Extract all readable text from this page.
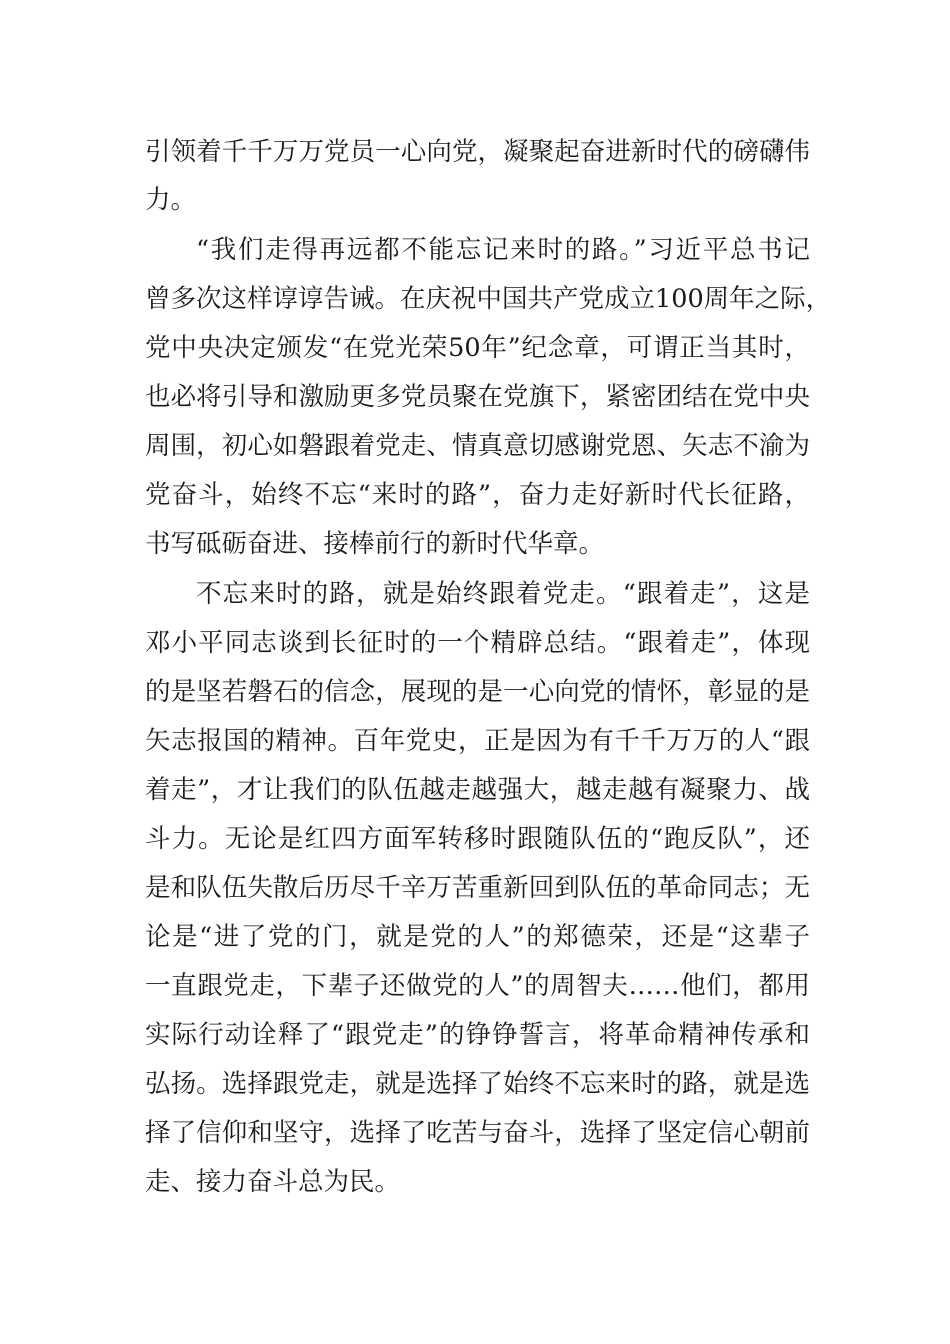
引领着千千万万党员一心向党，凝聚起奋进新时代的磅礴伟
力。
“我们走得再远都不能忘记来时的路。”习近平总书记
曾多次这样谆谆告诫。在庆祝中国共产党成立100周年之际，
党中央决定颁发“在党光荣50年”纪念章，可谓正当其时，
也必将引导和激励更多党员聚在党旗下，紧密团结在党中央
周围，初心如磐跟着党走、情真意切感谢党恩、矢志不渝为
党奋斗，始终不忘“来时的路”，奋力走好新时代长征路，
书写砥砺奋进、接棒前行的新时代华章。
不忘来时的路，就是始终跟着党走。“跟着走”，这是
邓小平同志谈到长征时的一个精辟总结。“跟着走”，体现
的是坚若磐石的信念，展现的是一心向党的情怀，彰显的是
矢志报国的精神。百年党史，正是因为有千千万万的人“跟
着走”，才让我们的队伍越走越强大，越走越有凝聚力、战
斗力。无论是红四方面军转移时跟随队伍的“跑反队”，还
是和队伍失散后历尽千辛万苦重新回到队伍的革命同志；无
论是“进了党的门，就是党的人”的郑德荣，还是“这辈子
一直跟党走，下辈子还做党的人”的周智夫……他们，都用
实际行动诠释了“跟党走”的铮铮誓言，将革命精神传承和
弘扬。选择跟党走，就是选择了始终不忘来时的路，就是选
择了信仰和坚守，选择了吃苦与奋斗，选择了坚定信心朝前
走、接力奋斗总为民。
